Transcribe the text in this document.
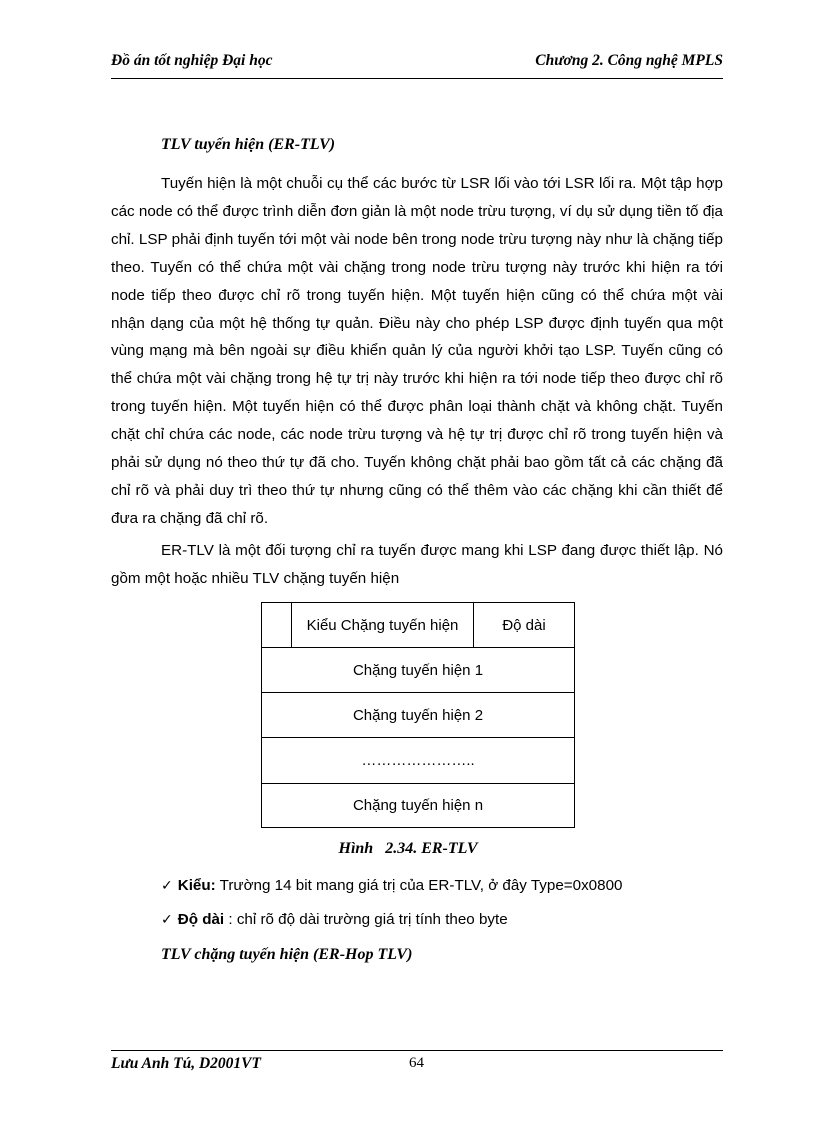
Đồ án tốt nghiệp Đại học	Chương 2. Công nghệ MPLS
TLV tuyến hiện (ER-TLV)
Tuyến hiện là một chuỗi cụ thể các bước từ LSR lối vào tới LSR lối ra. Một tập hợp các node có thể được trình diễn đơn giản là một node trừu tượng, ví dụ sử dụng tiền tố địa chỉ. LSP phải định tuyến tới một vài node bên trong node trừu tượng này như là chặng tiếp theo. Tuyến có thể chứa một vài chặng trong node trừu tượng này trước khi hiện ra tới node tiếp theo được chỉ rõ trong tuyến hiện. Một tuyến hiện cũng có thể chứa một vài nhận dạng của một hệ thống tự quản. Điều này cho phép LSP được định tuyến qua một vùng mạng mà bên ngoài sự điều khiển quản lý của người khởi tạo LSP. Tuyến cũng có thể chứa một vài chặng trong hệ tự trị này trước khi hiện ra tới node tiếp theo được chỉ rõ trong tuyến hiện. Một tuyến hiện có thể được phân loại thành chặt và không chặt. Tuyến chặt chỉ chứa các node, các node trừu tượng và hệ tự trị được chỉ rõ trong tuyến hiện và phải sử dụng nó theo thứ tự đã cho. Tuyến không chặt phải bao gồm tất cả các chặng đã chỉ rõ và phải duy trì theo thứ tự nhưng cũng có thể thêm vào các chặng khi cần thiết để đưa ra chặng đã chỉ rõ.
ER-TLV là một đối tượng chỉ ra tuyến được mang khi LSP đang được thiết lập. Nó gồm một hoặc nhiều TLV chặng tuyến hiện
	Kiểu Chặng tuyến hiện	Độ dài
Chặng tuyến hiện 1
Chặng tuyến hiện 2
…………………..
Chặng tuyến hiện n
Hình 2.34. ER-TLV
✓ Kiểu: Trường 14 bit mang giá trị của ER-TLV, ở đây Type=0x0800
✓ Độ dài : chỉ rõ độ dài trường giá trị tính theo byte
TLV chặng tuyến hiện (ER-Hop TLV)
Lưu Anh Tú, D2001VT	64
